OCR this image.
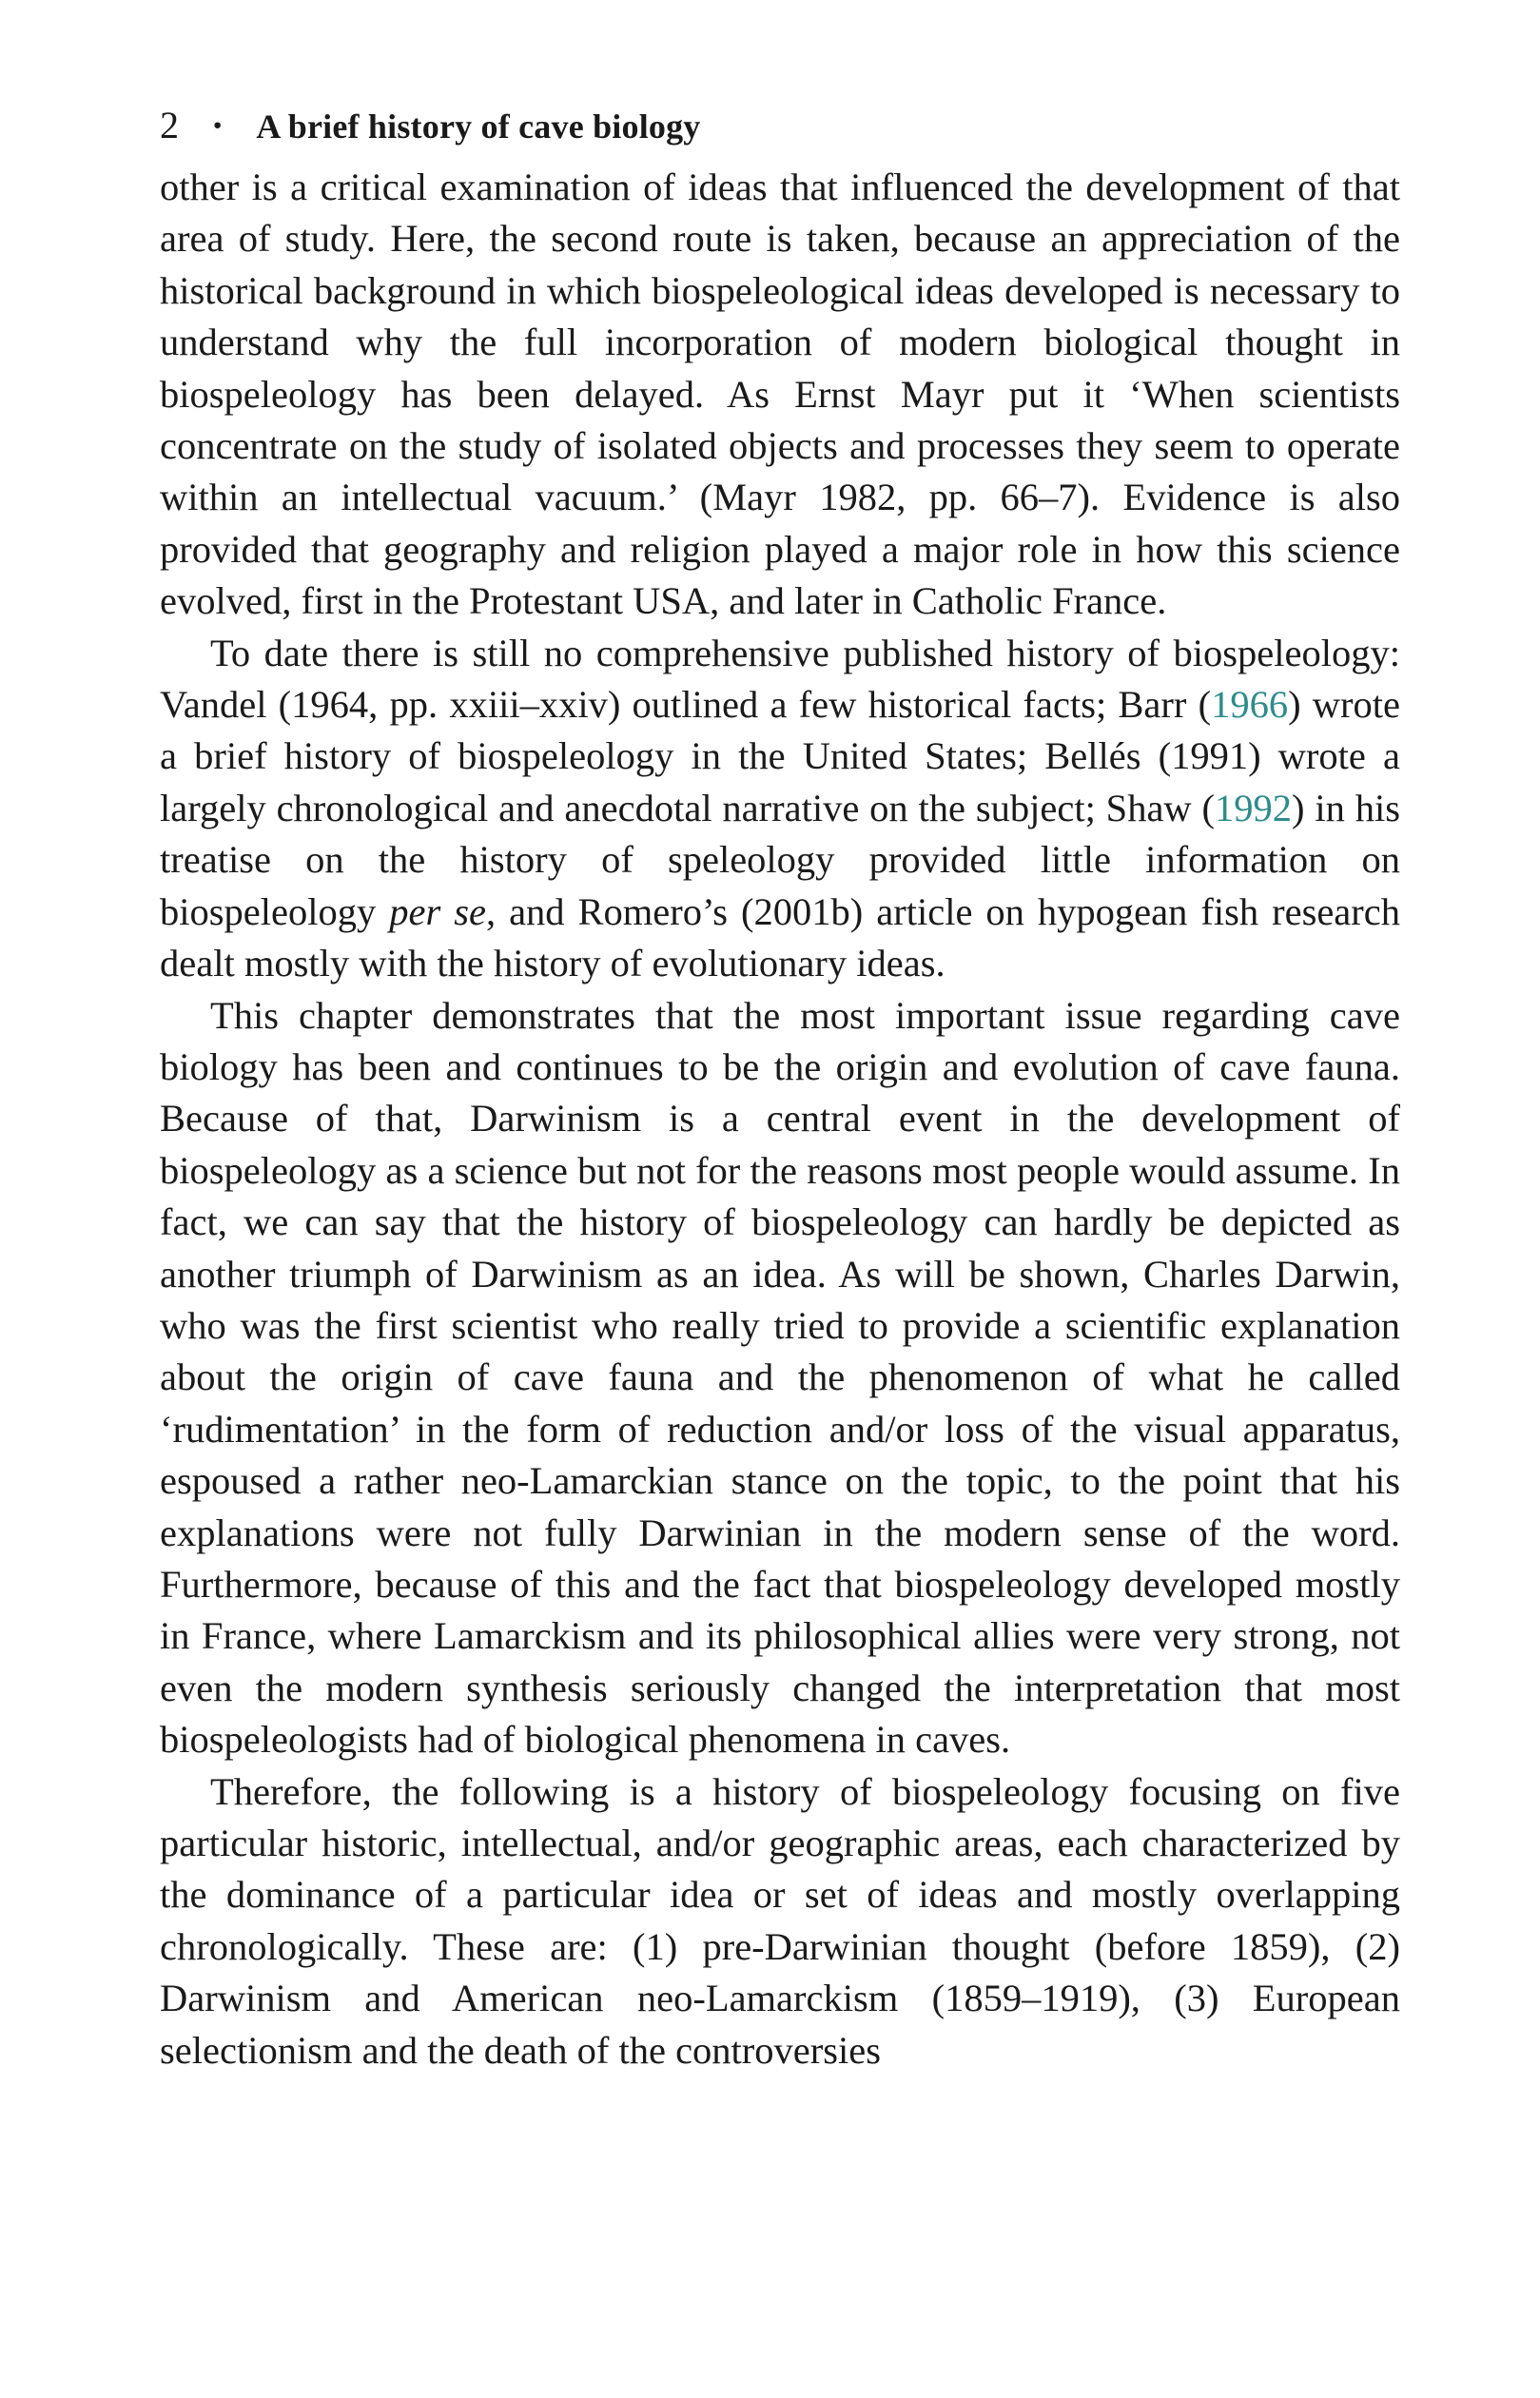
2 · A brief history of cave biology

other is a critical examination of ideas that influenced the development of that area of study. Here, the second route is taken, because an appreciation of the historical background in which biospeleological ideas developed is necessary to understand why the full incorporation of modern biological thought in biospeleology has been delayed. As Ernst Mayr put it ‘When scientists concentrate on the study of isolated objects and processes they seem to operate within an intellectual vacuum.’ (Mayr 1982, pp. 66–7). Evidence is also provided that geography and religion played a major role in how this science evolved, first in the Protestant USA, and later in Catholic France.

To date there is still no comprehensive published history of biospeleology: Vandel (1964, pp. xxiii–xxiv) outlined a few historical facts; Barr (1966) wrote a brief history of biospeleology in the United States; Bellés (1991) wrote a largely chronological and anecdotal narrative on the subject; Shaw (1992) in his treatise on the history of speleology provided little information on biospeleology per se, and Romero’s (2001b) article on hypogean fish research dealt mostly with the history of evolutionary ideas.

This chapter demonstrates that the most important issue regarding cave biology has been and continues to be the origin and evolution of cave fauna. Because of that, Darwinism is a central event in the development of biospeleology as a science but not for the reasons most people would assume. In fact, we can say that the history of biospeleology can hardly be depicted as another triumph of Darwinism as an idea. As will be shown, Charles Darwin, who was the first scientist who really tried to provide a scientific explanation about the origin of cave fauna and the phenomenon of what he called ‘rudimentation’ in the form of reduction and/or loss of the visual apparatus, espoused a rather neo-Lamarckian stance on the topic, to the point that his explanations were not fully Darwinian in the modern sense of the word. Furthermore, because of this and the fact that biospeleology developed mostly in France, where Lamarckism and its philosophical allies were very strong, not even the modern synthesis seriously changed the interpretation that most biospeleologists had of biological phenomena in caves.

Therefore, the following is a history of biospeleology focusing on five particular historic, intellectual, and/or geographic areas, each characterized by the dominance of a particular idea or set of ideas and mostly overlapping chronologically. These are: (1) pre-Darwinian thought (before 1859), (2) Darwinism and American neo-Lamarckism (1859–1919), (3) European selectionism and the death of the controversies
